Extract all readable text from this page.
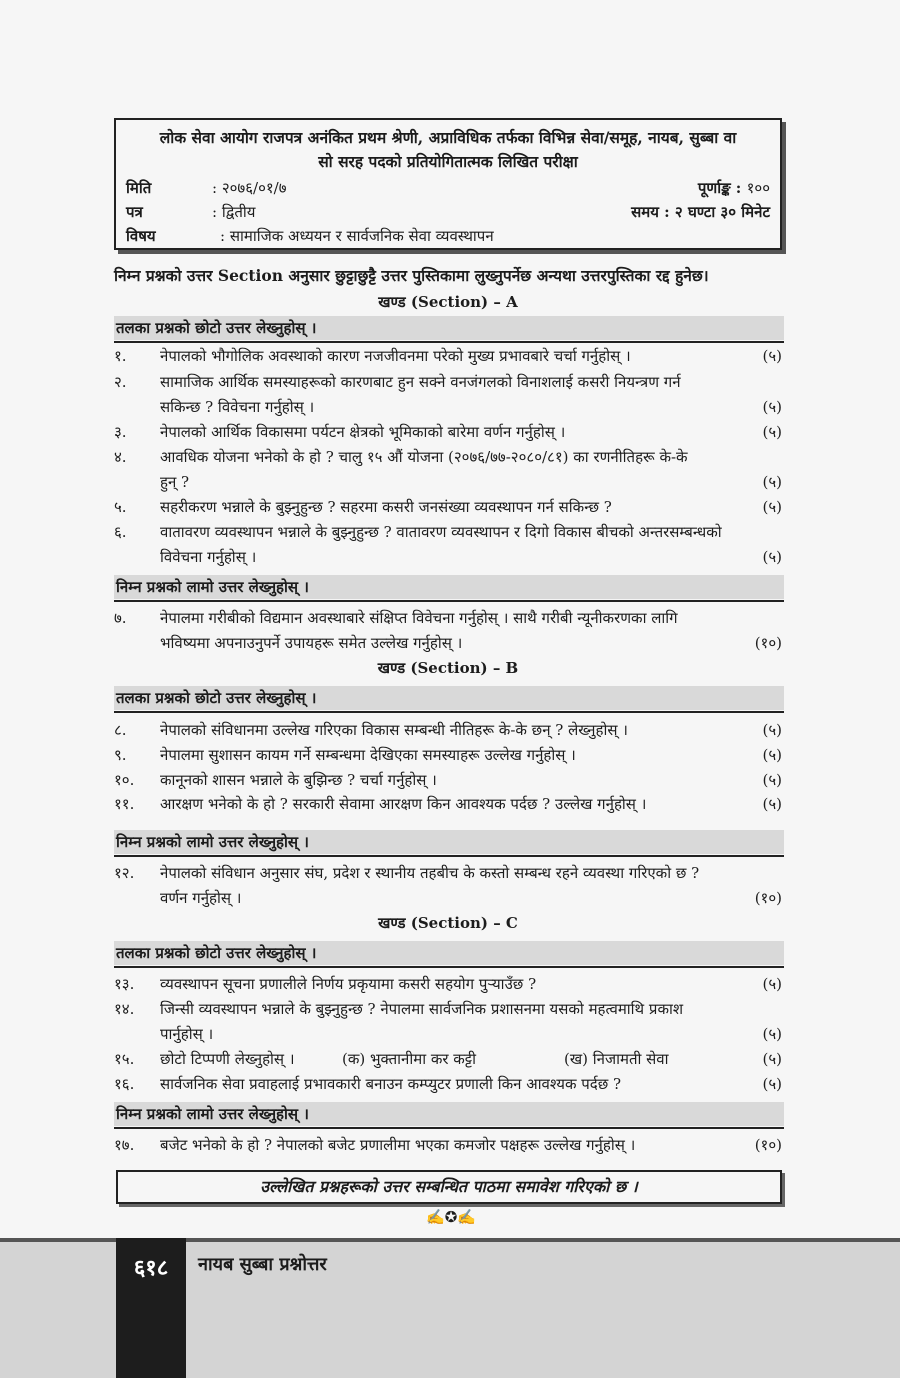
लोक सेवा आयोग राजपत्र अनंकित प्रथम श्रेणी, अप्राविधिक तर्फका विभिन्न सेवा/समूह, नायब, सुब्बा वा
सो सरह पदको प्रतियोगितात्मक लिखित परीक्षा
मिति	: २०७६/०१/७	पूर्णाङ्क : १००
पत्र	: द्वितीय	समय : २ घण्टा ३० मिनेट
विषय	: सामाजिक अध्ययन र सार्वजनिक सेवा व्यवस्थापन
निम्न प्रश्नको उत्तर Section अनुसार छुट्टाछुट्टै उत्तर पुस्तिकामा लुख्नुपर्नेछ अन्यथा उत्तरपुस्तिका रद्द हुनेछ।
खण्ड (Section) – A
तलका प्रश्नको छोटो उत्तर लेख्नुहोस् ।
१.	नेपालको भौगोलिक अवस्थाको कारण नजजीवनमा परेको मुख्य प्रभावबारे चर्चा गर्नुहोस् ।	(५)
२.	सामाजिक आर्थिक समस्याहरूको कारणबाट हुन सक्ने वनजंगलको विनाशलाई कसरी नियन्त्रण गर्न
सकिन्छ ? विवेचना गर्नुहोस् ।	(५)
३.	नेपालको आर्थिक विकासमा पर्यटन क्षेत्रको भूमिकाको बारेमा वर्णन गर्नुहोस् ।	(५)
४.	आवधिक योजना भनेको के हो ? चालु १५ औं योजना (२०७६/७७-२०८०/८१) का रणनीतिहरू के-के
हुन् ?	(५)
५.	सहरीकरण भन्नाले के बुझ्नुहुन्छ ? सहरमा कसरी जनसंख्या व्यवस्थापन गर्न सकिन्छ ?	(५)
६.	वातावरण व्यवस्थापन भन्नाले के बुझ्नुहुन्छ ? वातावरण व्यवस्थापन र दिगो विकास बीचको अन्तरसम्बन्धको
विवेचना गर्नुहोस् ।	(५)
निम्न प्रश्नको लामो उत्तर लेख्नुहोस् ।
७.	नेपालमा गरीबीको विद्यमान अवस्थाबारे संक्षिप्त विवेचना गर्नुहोस् । साथै गरीबी न्यूनीकरणका लागि
भविष्यमा अपनाउनुपर्ने उपायहरू समेत उल्लेख गर्नुहोस् ।	(१०)
खण्ड (Section) – B
तलका प्रश्नको छोटो उत्तर लेख्नुहोस् ।
८.	नेपालको संविधानमा उल्लेख गरिएका विकास सम्बन्धी नीतिहरू के-के छन् ? लेख्नुहोस् ।	(५)
९.	नेपालमा सुशासन कायम गर्ने सम्बन्धमा देखिएका समस्याहरू उल्लेख गर्नुहोस् ।	(५)
१०.	कानूनको शासन भन्नाले के बुझिन्छ ? चर्चा गर्नुहोस् ।	(५)
११.	आरक्षण भनेको के हो ? सरकारी सेवामा आरक्षण किन आवश्यक पर्दछ ? उल्लेख गर्नुहोस् ।	(५)
निम्न प्रश्नको लामो उत्तर लेख्नुहोस् ।
१२.	नेपालको संविधान अनुसार संघ, प्रदेश र स्थानीय तहबीच के कस्तो सम्बन्ध रहने व्यवस्था गरिएको छ ?
वर्णन गर्नुहोस् ।	(१०)
खण्ड (Section) – C
तलका प्रश्नको छोटो उत्तर लेख्नुहोस् ।
१३.	व्यवस्थापन सूचना प्रणालीले निर्णय प्रकृयामा कसरी सहयोग पुऱ्याउँछ ?	(५)
१४.	जिन्सी व्यवस्थापन भन्नाले के बुझ्नुहुन्छ ? नेपालमा सार्वजनिक प्रशासनमा यसको महत्वमाथि प्रकाश
पार्नुहोस् ।	(५)
१५.	छोटो टिप्पणी लेख्नुहोस् ।	(क) भुक्तानीमा कर कट्टी	(ख) निजामती सेवा	(५)
१६.	सार्वजनिक सेवा प्रवाहलाई प्रभावकारी बनाउन कम्प्युटर प्रणाली किन आवश्यक पर्दछ ?	(५)
निम्न प्रश्नको लामो उत्तर लेख्नुहोस् ।
१७.	बजेट भनेको के हो ? नेपालको बजेट प्रणालीमा भएका कमजोर पक्षहरू उल्लेख गर्नुहोस् ।	(१०)
उल्लेखित प्रश्नहरूको उत्तर सम्बन्धित पाठमा समावेश गरिएको छ ।
✍✪✍
६१८	नायब सुब्बा प्रश्नोत्तर
